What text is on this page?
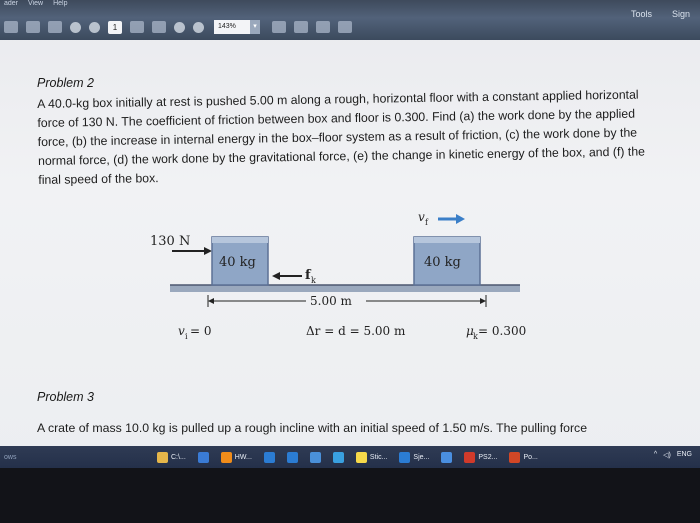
ader View Help
1	143%	▾
Tools Sign
Problem 2
A 40.0-kg box initially at rest is pushed 5.00 m along a rough, horizontal floor with a constant applied horizontal force of 130 N. The coefficient of friction between box and floor is 0.300. Find (a) the work done by the applied force, (b) the increase in internal energy in the box–floor system as a result of friction, (c) the work done by the normal force, (d) the work done by the gravitational force, (e) the change in kinetic energy of the box, and (f) the final speed of the box.
130 N
40 kg
f k
40 kg
v f
5.00 m
v i = 0	Δr = d = 5.00 m	μ k = 0.300
Problem 3
A crate of mass 10.0 kg is pulled up a rough incline with an initial speed of 1.50 m/s. The pulling force
ows	C:\...	HW...	Stic...	Sje...	PS2...	Po...	^ ◁) ENG
